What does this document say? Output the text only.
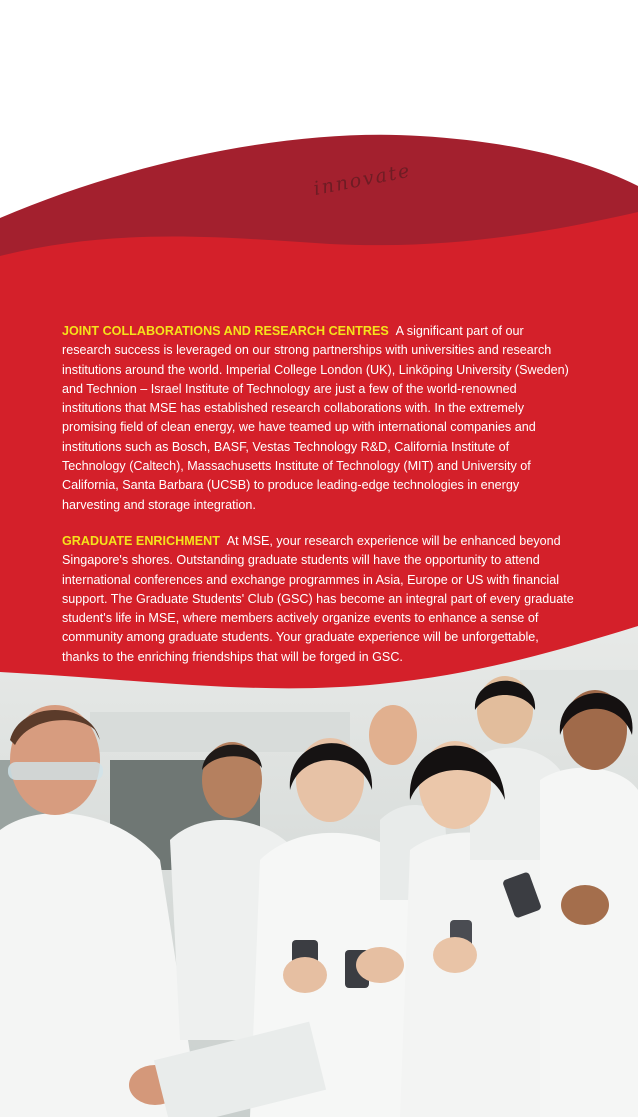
innovate

JOINT COLLABORATIONS AND RESEARCH CENTRES A significant part of our research success is leveraged on our strong partnerships with universities and research institutions around the world. Imperial College London (UK), Linköping University (Sweden) and Technion – Israel Institute of Technology are just a few of the world-renowned institutions that MSE has established research collaborations with. In the extremely promising field of clean energy, we have teamed up with international companies and institutions such as Bosch, BASF, Vestas Technology R&D, California Institute of Technology (Caltech), Massachusetts Institute of Technology (MIT) and University of California, Santa Barbara (UCSB) to produce leading-edge technologies in energy harvesting and storage integration.

GRADUATE ENRICHMENT At MSE, your research experience will be enhanced beyond Singapore's shores. Outstanding graduate students will have the opportunity to attend international conferences and exchange programmes in Asia, Europe or US with financial support. The Graduate Students' Club (GSC) has become an integral part of every graduate student's life in MSE, where members actively organize events to enhance a sense of community among graduate students. Your graduate experience will be unforgettable, thanks to the enriching friendships that will be forged in GSC.
